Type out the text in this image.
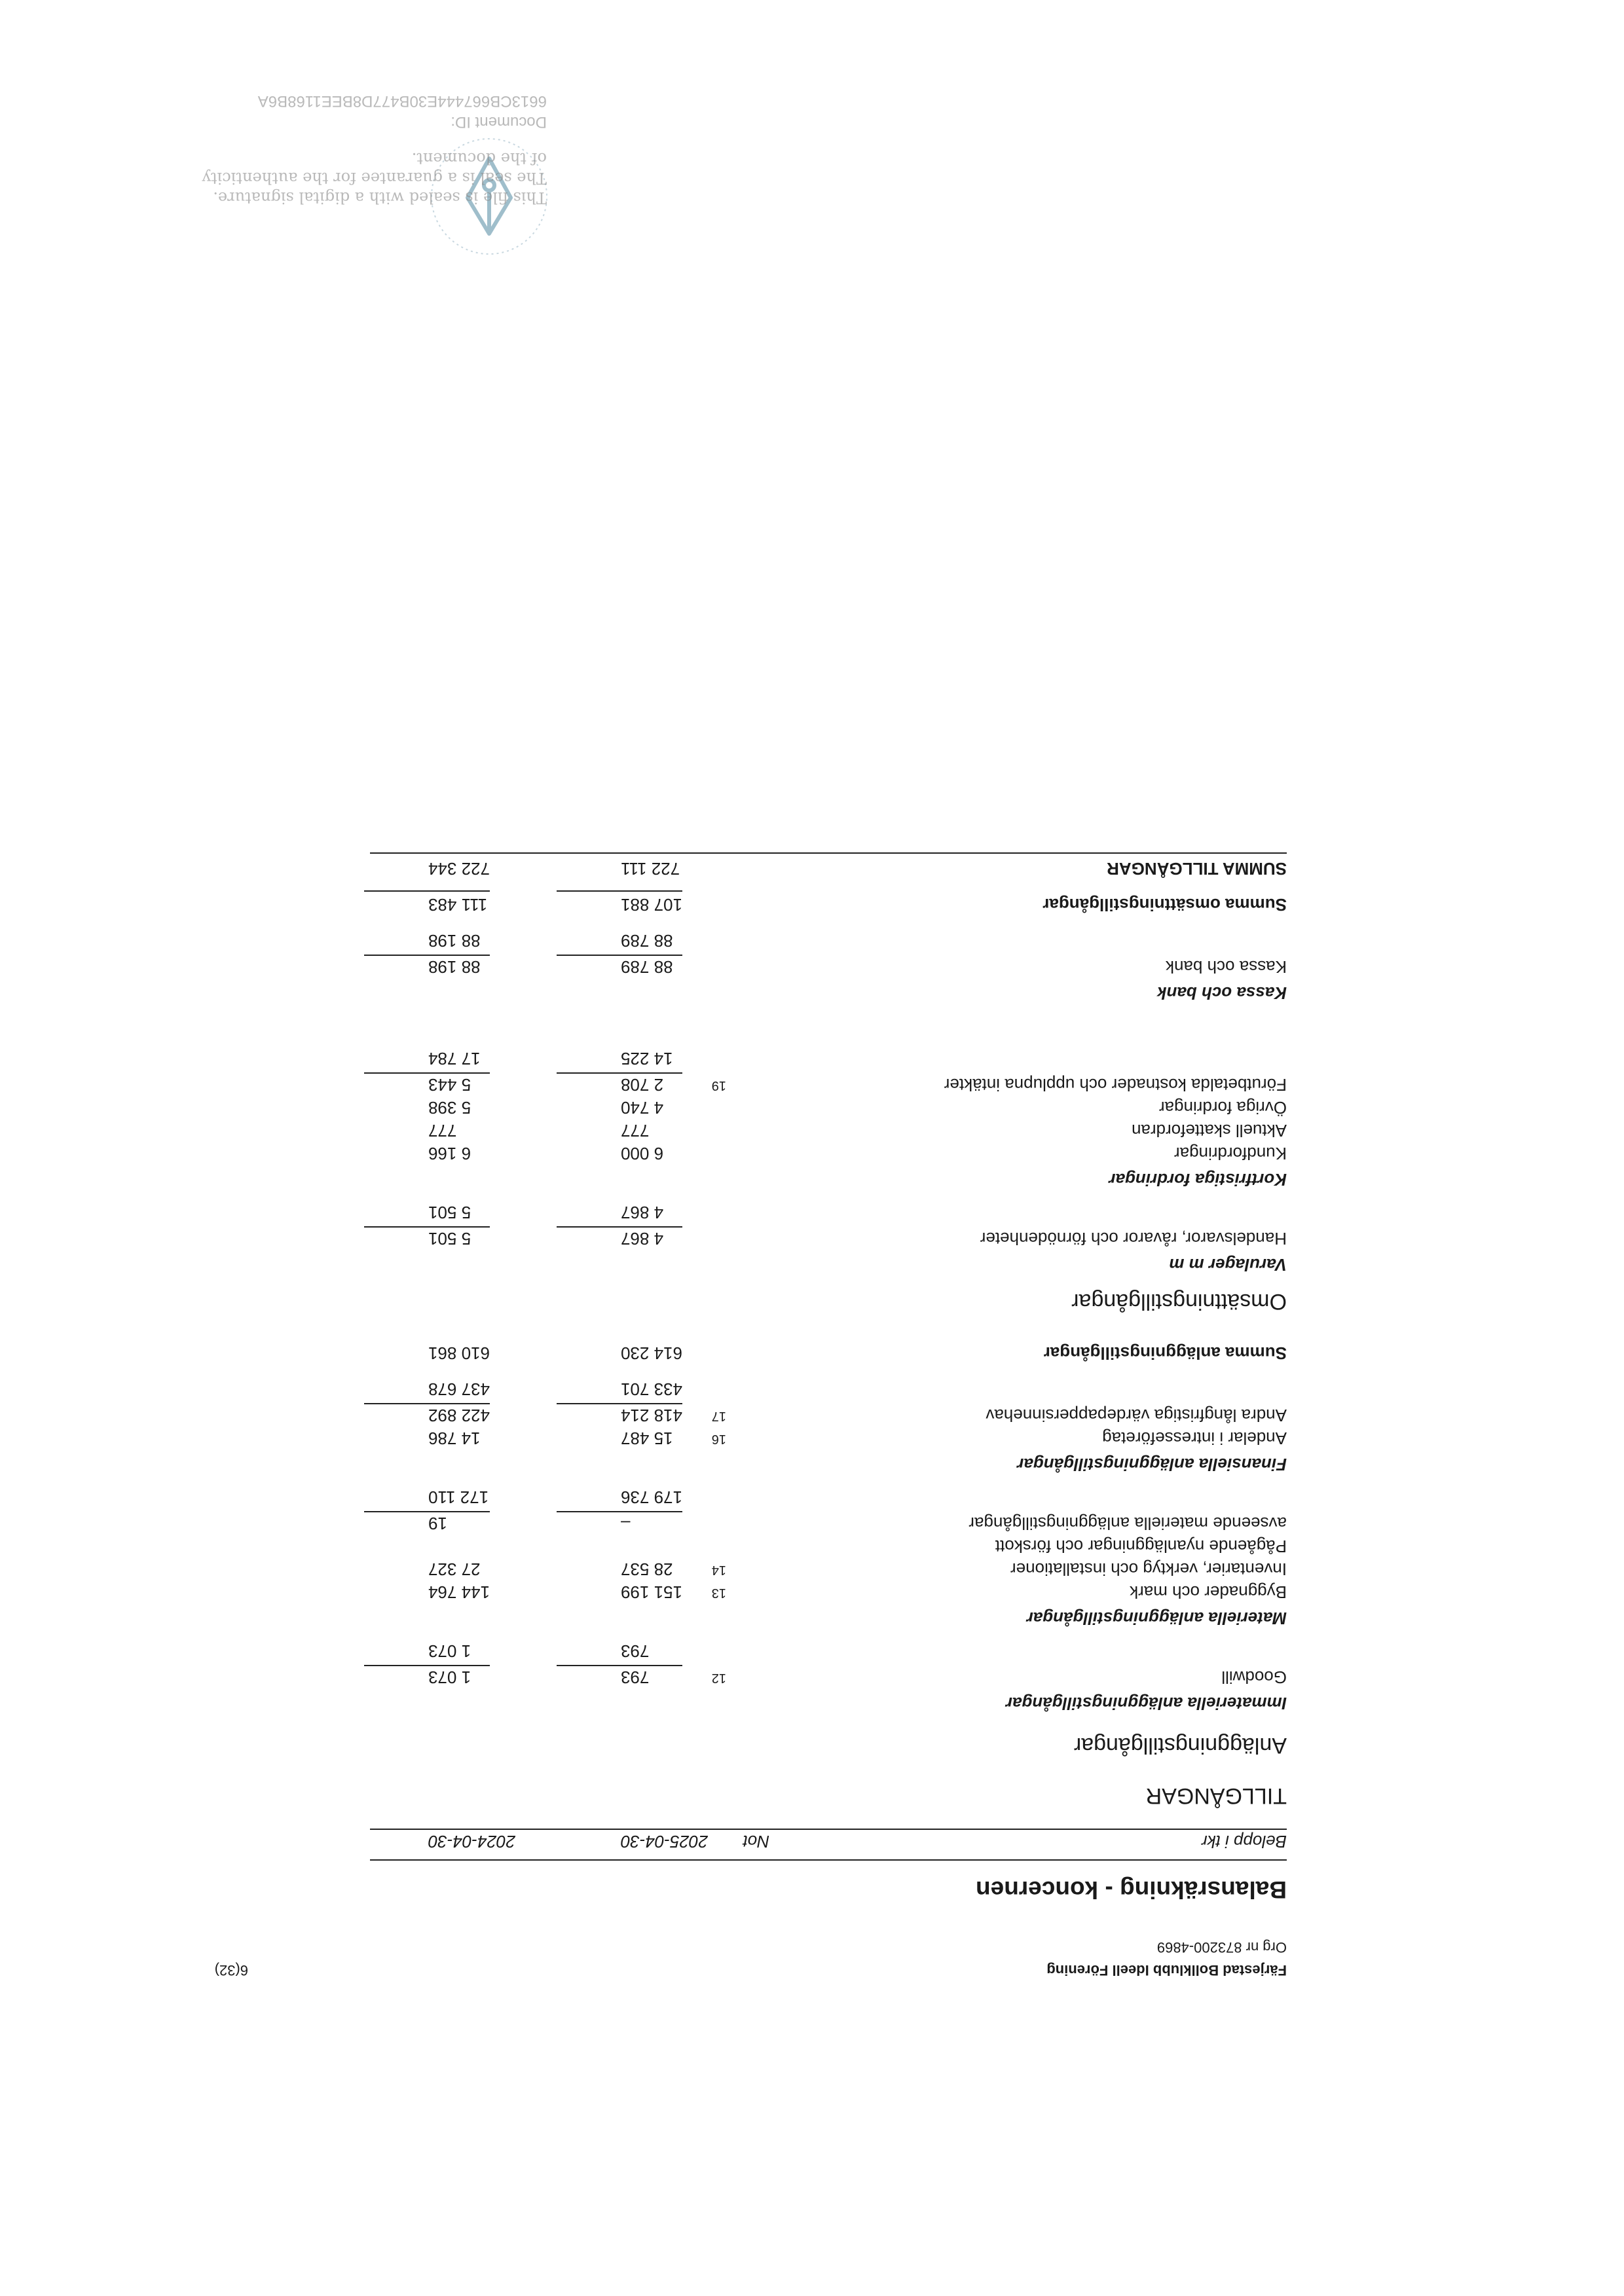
Färjestad Bollklubb Ideell Förening
Org nr 873200-4869
6(32)
Balansräkning - koncernen
Belopp i tkr
Not
2025-04-30
2024-04-30
TILLGÅNGAR
Anläggningstillgångar
Immateriella anläggningstillgångar
Goodwill
12
793
1 073
793
1 073
Materiella anläggningstillgångar
Byggnader och mark
13
151 199
144 764
Inventarier, verktyg och installationer
14
28 537
27 327
Pågående nyanläggningar och förskott
avseende materiella anläggningstillgångar
–
19
179 736
172 110
Finansiella anläggningstillgångar
Andelar i intresseföretag
16
15 487
14 786
Andra långfristiga värdepappersinnehav
17
418 214
422 892
433 701
437 678
Summa anläggningstillgångar
614 230
610 861
Omsättningstillgångar
Varulager m m
Handelsvaror, råvaror och förnödenheter
4 867
5 501
4 867
5 501
Kortfristiga fordringar
Kundfordringar
6 000
6 166
Aktuell skattefordran
777
777
Övriga fordringar
4 740
5 398
Förutbetalda kostnader och upplupna intäkter
19
2 708
5 443
14 225
17 784
Kassa och bank
Kassa och bank
88 789
88 198
88 789
88 198
Summa omsättningstillgångar
107 881
111 483
SUMMA TILLGÅNGAR
722 111
722 344
This file is sealed with a digital signature.
The seal is a guarantee for the authenticity
of the document.
Document ID:
6613CB667444E30B477D8BEE1168B6A
